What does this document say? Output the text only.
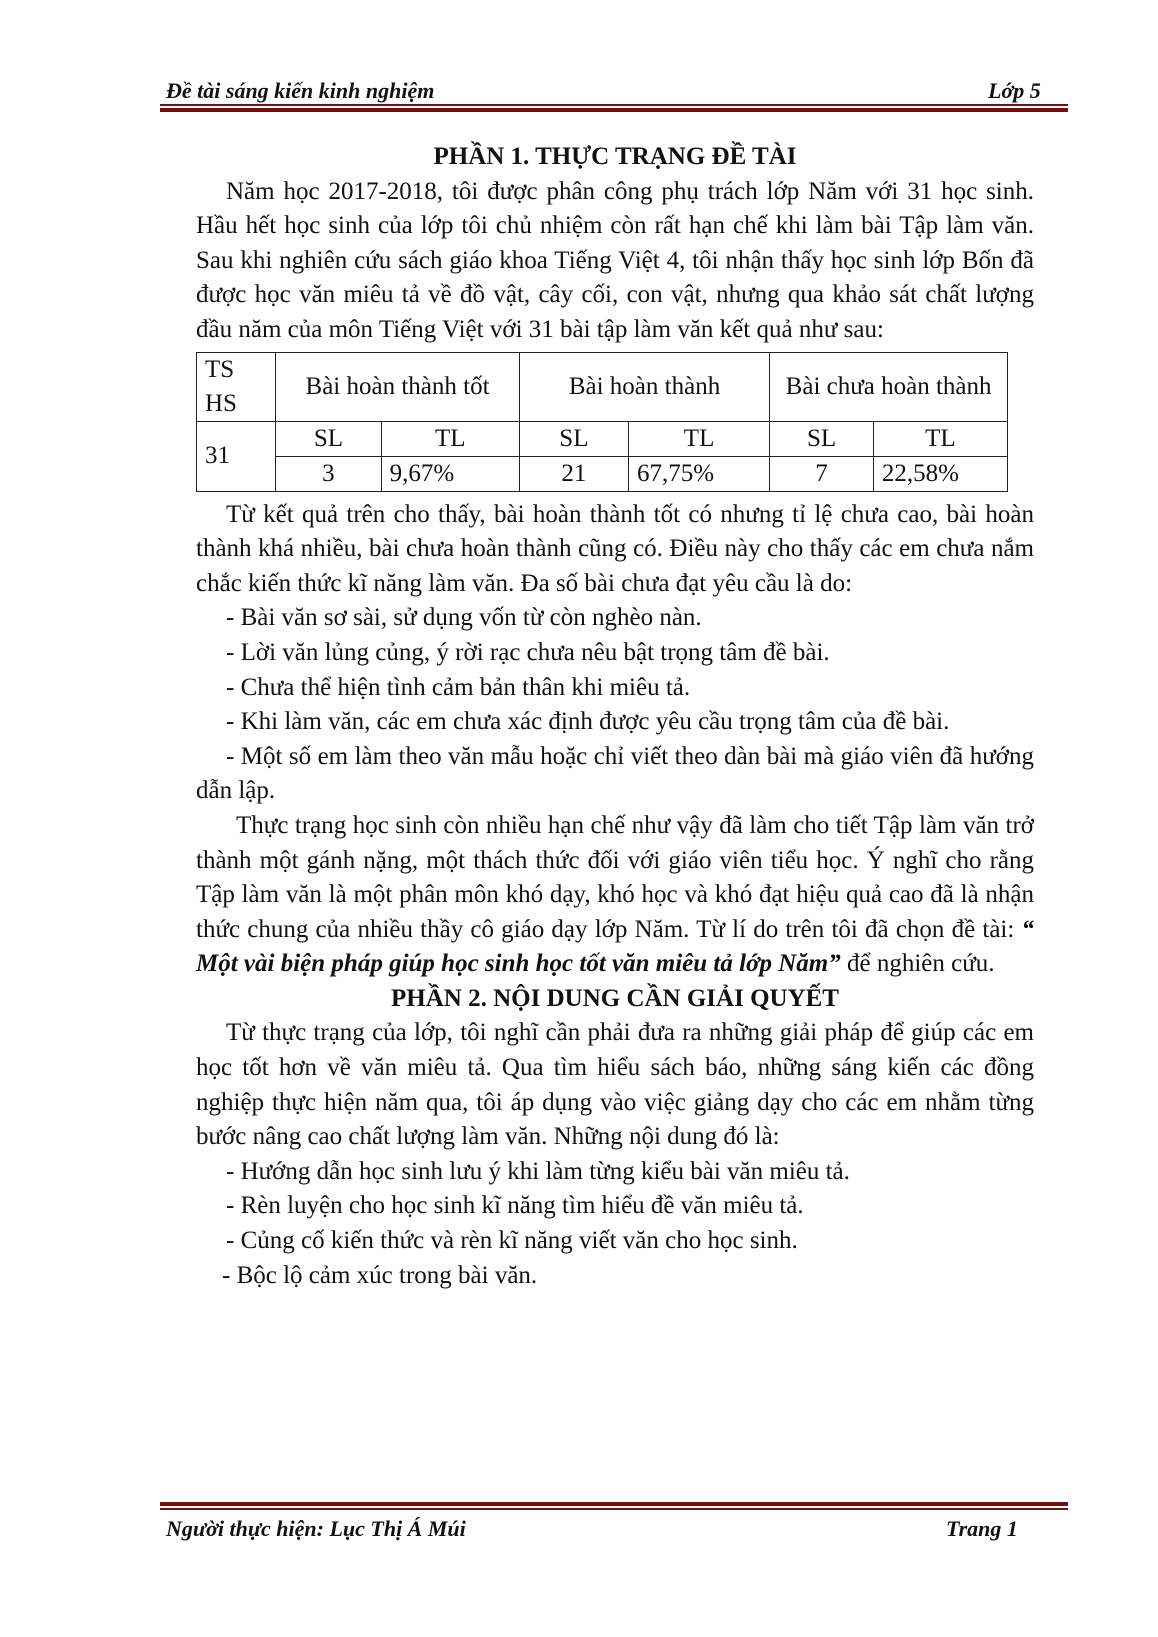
Đề tài sáng kiến kinh nghiệm	Lớp 5
PHẦN 1. THỰC TRẠNG ĐỀ TÀI

Năm học 2017-2018, tôi được phân công phụ trách lớp Năm với 31 học sinh. Hầu hết học sinh của lớp tôi chủ nhiệm còn rất hạn chế khi làm bài Tập làm văn. Sau khi nghiên cứu sách giáo khoa Tiếng Việt 4, tôi nhận thấy học sinh lớp Bốn đã được học văn miêu tả về đồ vật, cây cối, con vật, nhưng qua khảo sát chất lượng đầu năm của môn Tiếng Việt với 31 bài tập làm văn kết quả như sau:

TS HS	Bài hoàn thành tốt		Bài hoàn thành		Bài chưa hoàn thành	
31	SL	TL	SL	TL	SL	TL
	3	9,67%	21	67,75%	7	22,58%

Từ kết quả trên cho thấy, bài hoàn thành tốt có nhưng tỉ lệ chưa cao, bài hoàn thành khá nhiều, bài chưa hoàn thành cũng có. Điều này cho thấy các em chưa nắm chắc kiến thức kĩ năng làm văn. Đa số bài chưa đạt yêu cầu là do:

- Bài văn sơ sài, sử dụng vốn từ còn nghèo nàn.

- Lời văn lủng củng, ý rời rạc chưa nêu bật trọng tâm đề bài.

- Chưa thể hiện tình cảm bản thân khi miêu tả.

- Khi làm văn, các em chưa xác định được yêu cầu trọng tâm của đề bài.

- Một số em làm theo văn mẫu hoặc chỉ viết theo dàn bài mà giáo viên đã hướng dẫn lập.

Thực trạng học sinh còn nhiều hạn chế như vậy đã làm cho tiết Tập làm văn trở thành một gánh nặng, một thách thức đối với giáo viên tiểu học. Ý nghĩ cho rằng Tập làm văn là một phân môn khó dạy, khó học và khó đạt hiệu quả cao đã là nhận thức chung của nhiều thầy cô giáo dạy lớp Năm. Từ lí do trên tôi đã chọn đề tài: “ Một vài biện pháp giúp học sinh học tốt văn miêu tả lớp Năm” để nghiên cứu.

PHẦN 2. NỘI DUNG CẦN GIẢI QUYẾT

Từ thực trạng của lớp, tôi nghĩ cần phải đưa ra những giải pháp để giúp các em học tốt hơn về văn miêu tả. Qua tìm hiểu sách báo, những sáng kiến các đồng nghiệp thực hiện năm qua, tôi áp dụng vào việc giảng dạy cho các em nhằm từng bước nâng cao chất lượng làm văn. Những nội dung đó là:

- Hướng dẫn học sinh lưu ý khi làm từng kiểu bài văn miêu tả.

- Rèn luyện cho học sinh kĩ năng tìm hiểu đề văn miêu tả.

- Củng cố kiến thức và rèn kĩ năng viết văn cho học sinh.

- Bộc lộ cảm xúc trong bài văn.

Người thực hiện: Lục Thị Á Múi	Trang 1
